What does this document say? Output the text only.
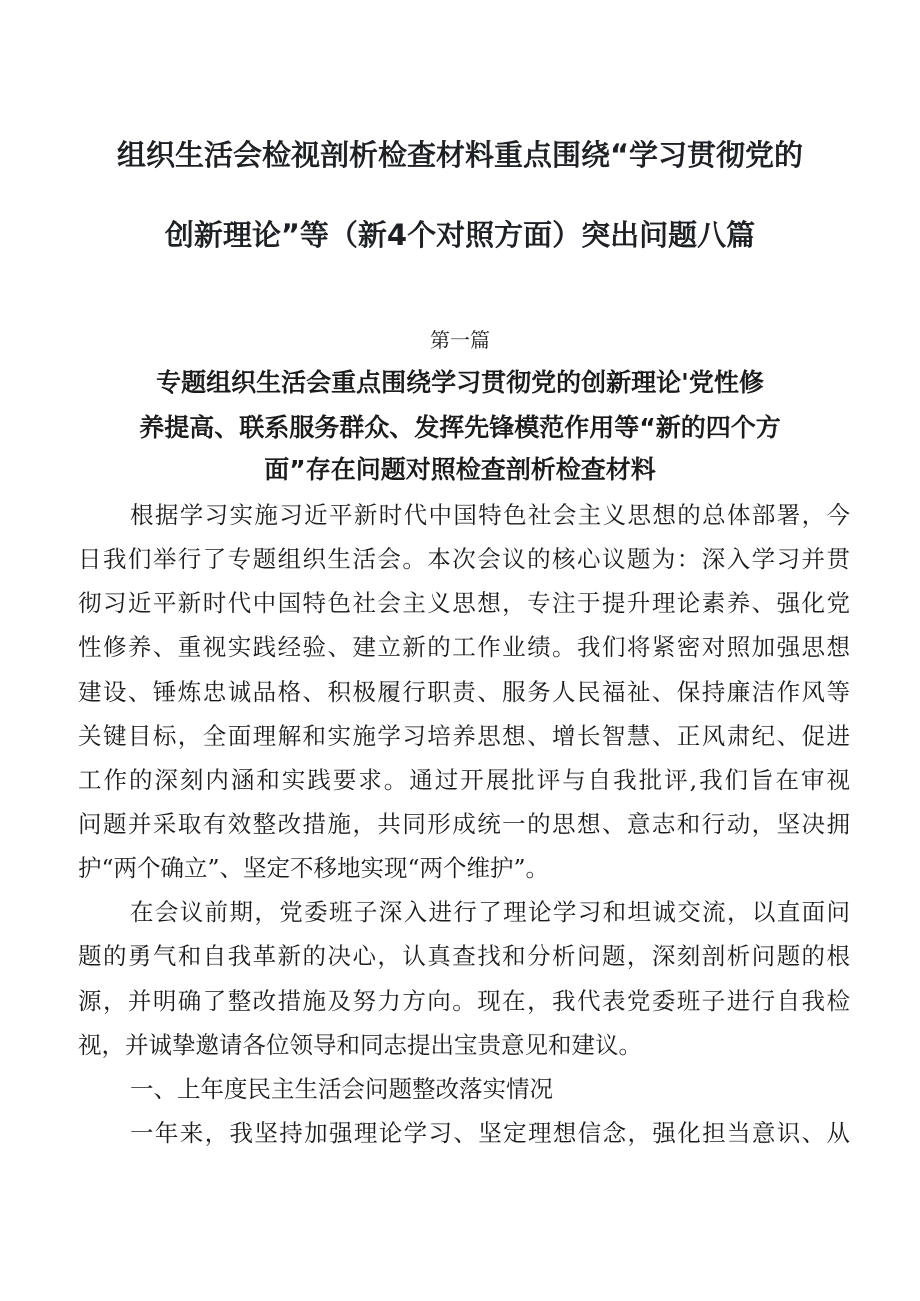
组织生活会检视剖析检查材料重点围绕“学习贯彻党的
创新理论”等（新4个对照方面）突出问题八篇
第一篇
专题组织生活会重点围绕学习贯彻党的创新理论'党性修
养提高、联系服务群众、发挥先锋模范作用等“新的四个方
面”存在问题对照检查剖析检查材料
根据学习实施习近平新时代中国特色社会主义思想的总体部署，今
日我们举行了专题组织生活会。本次会议的核心议题为：深入学习并贯
彻习近平新时代中国特色社会主义思想，专注于提升理论素养、强化党
性修养、重视实践经验、建立新的工作业绩。我们将紧密对照加强思想
建设、锤炼忠诚品格、积极履行职责、服务人民福祉、保持廉洁作风等
关键目标，全面理解和实施学习培养思想、增长智慧、正风肃纪、促进
工作的深刻内涵和实践要求。通过开展批评与自我批评,我们旨在审视
问题并采取有效整改措施，共同形成统一的思想、意志和行动，坚决拥
护“两个确立”、坚定不移地实现“两个维护”。
在会议前期，党委班子深入进行了理论学习和坦诚交流，以直面问
题的勇气和自我革新的决心，认真查找和分析问题，深刻剖析问题的根
源，并明确了整改措施及努力方向。现在，我代表党委班子进行自我检
视，并诚挚邀请各位领导和同志提出宝贵意见和建议。
一、上年度民主生活会问题整改落实情况
一年来，我坚持加强理论学习、坚定理想信念，强化担当意识、从
